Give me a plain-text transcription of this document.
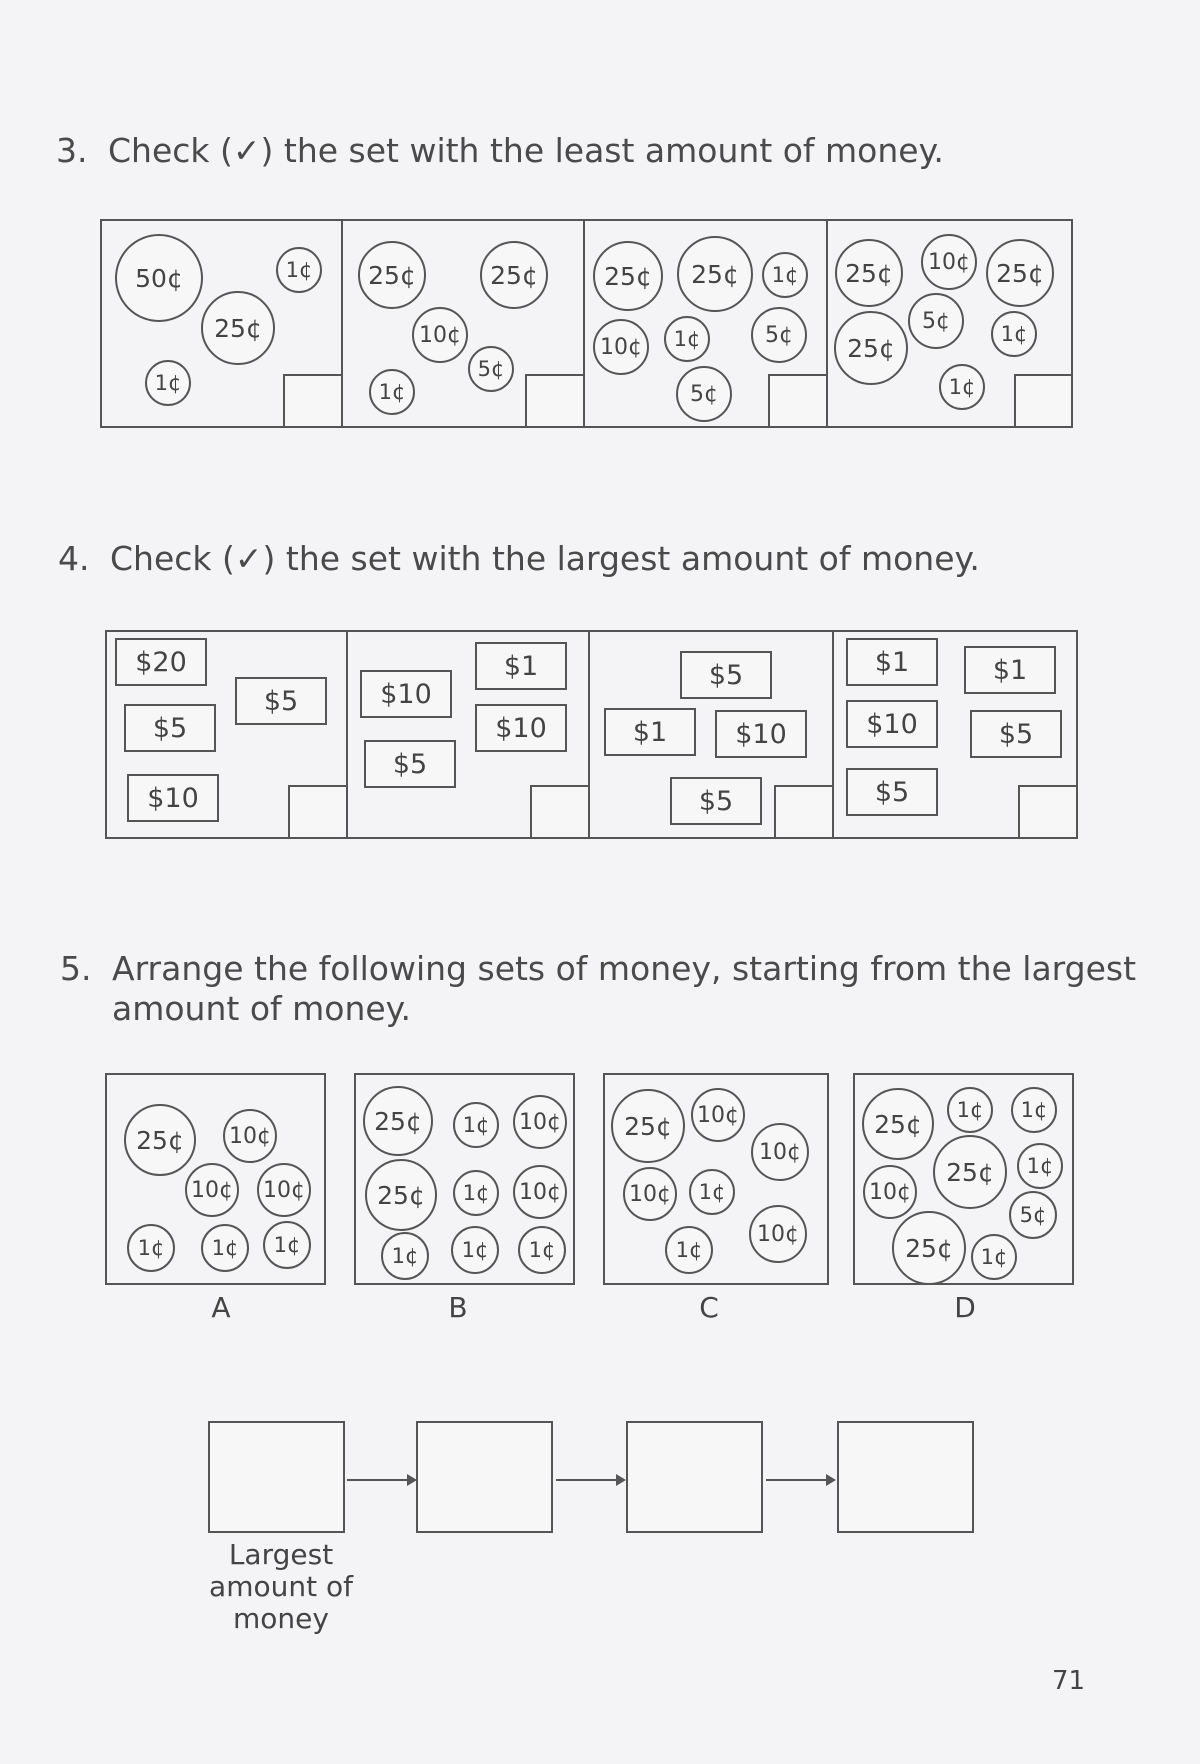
3. Check (✓) the set with the least amount of money.
50¢	1¢
25¢
1¢
25¢	25¢
10¢
5¢
1¢
25¢	25¢	1¢
10¢	1¢	5¢
5¢
25¢	10¢	25¢
5¢
25¢	1¢
1¢
4. Check (✓) the set with the largest amount of money.
$20
$5
$5
$10
$1
$10
$10
$5
$5
$1	$10
$5
$1	$1
$10	$5
$5
5. Arrange the following sets of money, starting from the largest
amount of money.
25¢	10¢
10¢ 10¢
1¢	1¢	1¢
A
25¢	1¢	10¢
25¢	1¢	10¢
1¢	1¢	1¢
B
25¢	10¢
10¢
10¢	1¢
1¢
10¢
C
25¢	1¢	1¢
1¢
10¢
25¢
5¢
25¢	1¢
D
Largest
amount of
money
71
